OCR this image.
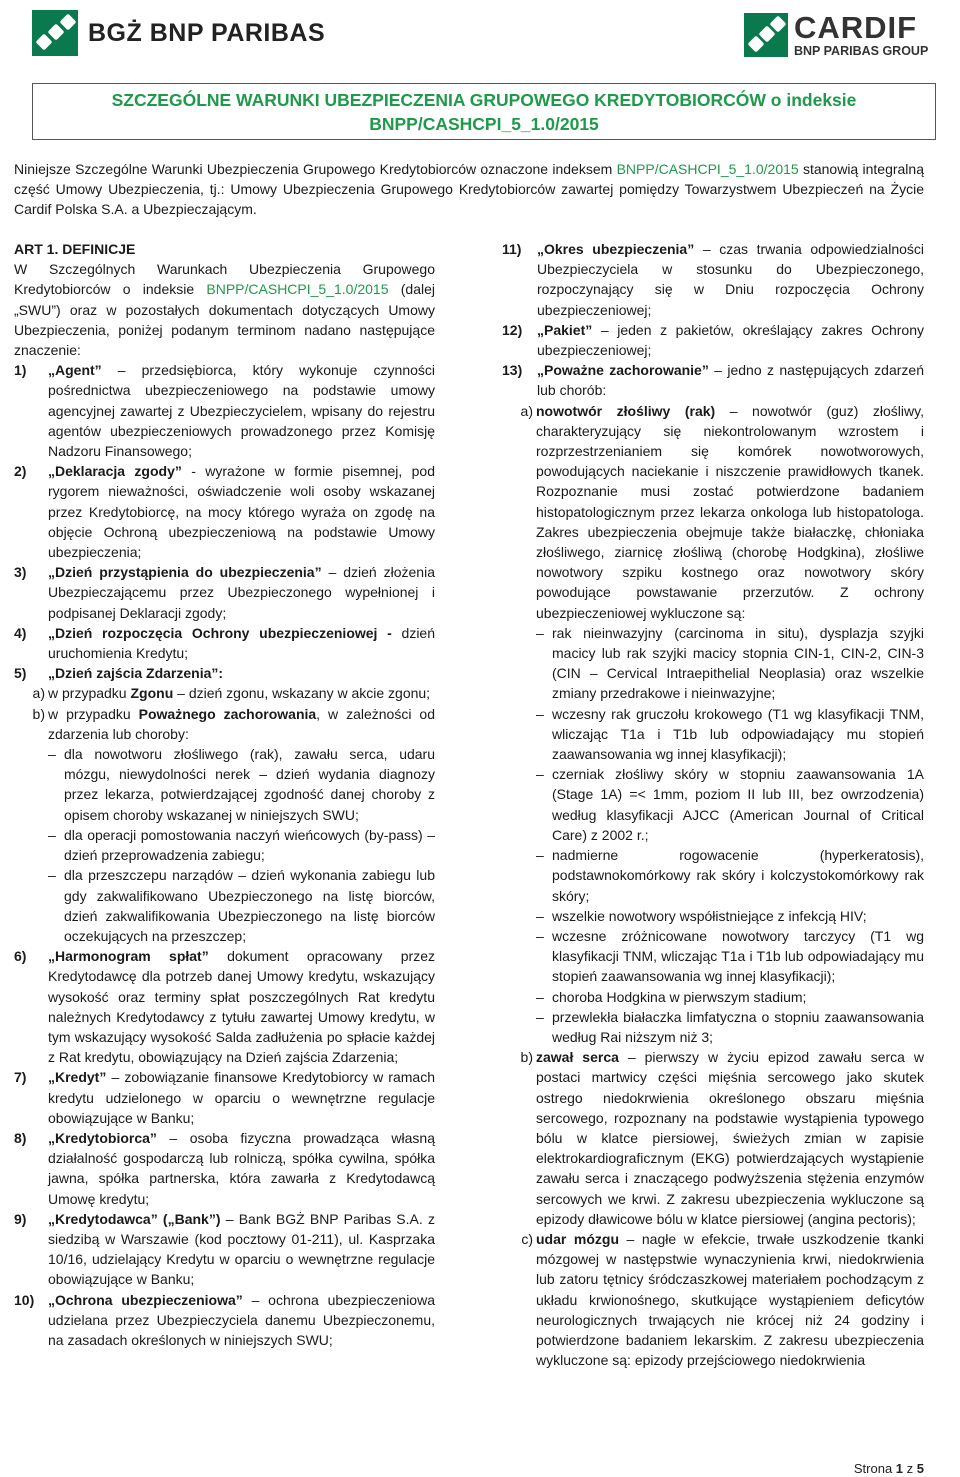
BGŻ BNP PARIBAS	CARDIF
BNP PARIBAS GROUP
SZCZEGÓLNE WARUNKI UBEZPIECZENIA GRUPOWEGO KREDYTOBIORCÓW o indeksie
BNPP/CASHCPI_5_1.0/2015
Niniejsze Szczególne Warunki Ubezpieczenia Grupowego Kredytobiorców oznaczone indeksem BNPP/CASHCPI_5_1.0/2015 stanowią integralną część Umowy Ubezpieczenia, tj.: Umowy Ubezpieczenia Grupowego Kredytobiorców zawartej pomiędzy Towarzystwem Ubezpieczeń na Życie Cardif Polska S.A. a Ubezpieczającym.
ART 1. DEFINICJE
W Szczególnych Warunkach Ubezpieczenia Grupowego Kredytobiorców o indeksie BNPP/CASHCPI_5_1.0/2015 (dalej „SWU”) oraz w pozostałych dokumentach dotyczących Umowy Ubezpieczenia, poniżej podanym terminom nadano następujące znaczenie:
1)	„Agent” – przedsiębiorca, który wykonuje czynności pośrednictwa ubezpieczeniowego na podstawie umowy agencyjnej zawartej z Ubezpieczycielem, wpisany do rejestru agentów ubezpieczeniowych prowadzonego przez Komisję Nadzoru Finansowego;
2)	„Deklaracja zgody” - wyrażone w formie pisemnej, pod rygorem nieważności, oświadczenie woli osoby wskazanej przez Kredytobiorcę, na mocy którego wyraża on zgodę na objęcie Ochroną ubezpieczeniową na podstawie Umowy ubezpieczenia;
3)	„Dzień przystąpienia do ubezpieczenia” – dzień złożenia Ubezpieczającemu przez Ubezpieczonego wypełnionej i podpisanej Deklaracji zgody;
4)	„Dzień rozpoczęcia Ochrony ubezpieczeniowej - dzień uruchomienia Kredytu;
5)	„Dzień zajścia Zdarzenia”:
a) w przypadku Zgonu – dzień zgonu, wskazany w akcie zgonu;
b) w przypadku Poważnego zachorowania, w zależności od zdarzenia lub choroby:
– dla nowotworu złośliwego (rak), zawału serca, udaru mózgu, niewydolności nerek – dzień wydania diagnozy przez lekarza, potwierdzającej zgodność danej choroby z opisem choroby wskazanej w niniejszych SWU;
– dla operacji pomostowania naczyń wieńcowych (by-pass) – dzień przeprowadzenia zabiegu;
– dla przeszczepu narządów – dzień wykonania zabiegu lub gdy zakwalifikowano Ubezpieczonego na listę biorców, dzień zakwalifikowania Ubezpieczonego na listę biorców oczekujących na przeszczep;
6)	„Harmonogram spłat” dokument opracowany przez Kredytodawcę dla potrzeb danej Umowy kredytu, wskazujący wysokość oraz terminy spłat poszczególnych Rat kredytu należnych Kredytodawcy z tytułu zawartej Umowy kredytu, w tym wskazujący wysokość Salda zadłużenia po spłacie każdej z Rat kredytu, obowiązujący na Dzień zajścia Zdarzenia;
7)	„Kredyt” – zobowiązanie finansowe Kredytobiorcy w ramach kredytu udzielonego w oparciu o wewnętrzne regulacje obowiązujące w Banku;
8)	„Kredytobiorca” – osoba fizyczna prowadząca własną działalność gospodarczą lub rolniczą, spółka cywilna, spółka jawna, spółka partnerska, która zawarła z Kredytodawcą Umowę kredytu;
9)	„Kredytodawca” („Bank”) – Bank BGŻ BNP Paribas S.A. z siedzibą w Warszawie (kod pocztowy 01-211), ul. Kasprzaka 10/16, udzielający Kredytu w oparciu o wewnętrzne regulacje obowiązujące w Banku;
10) „Ochrona ubezpieczeniowa” – ochrona ubezpieczeniowa udzielana przez Ubezpieczyciela danemu Ubezpieczonemu, na zasadach określonych w niniejszych SWU;
11)	„Okres ubezpieczenia” – czas trwania odpowiedzialności Ubezpieczyciela w stosunku do Ubezpieczonego, rozpoczynający się w Dniu rozpoczęcia Ochrony ubezpieczeniowej;
12)	„Pakiet” – jeden z pakietów, określający zakres Ochrony ubezpieczeniowej;
13)	„Poważne zachorowanie” – jedno z następujących zdarzeń lub chorób:
a) nowotwór złośliwy (rak) – nowotwór (guz) złośliwy, charakteryzujący się niekontrolowanym wzrostem i rozprzestrzenianiem się komórek nowotworowych, powodujących naciekanie i niszczenie prawidłowych tkanek. Rozpoznanie musi zostać potwierdzone badaniem histopatologicznym przez lekarza onkologa lub histopatologa. Zakres ubezpieczenia obejmuje także białaczkę, chłoniaka złośliwego, ziarnicę złośliwą (chorobę Hodgkina), złośliwe nowotwory szpiku kostnego oraz nowotwory skóry powodujące powstawanie przerzutów. Z ochrony ubezpieczeniowej wykluczone są:
– rak nieinwazyjny (carcinoma in situ), dysplazja szyjki macicy lub rak szyjki macicy stopnia CIN-1, CIN-2, CIN-3 (CIN – Cervical Intraepithelial Neoplasia) oraz wszelkie zmiany przedrakowe i nieinwazyjne;
– wczesny rak gruczołu krokowego (T1 wg klasyfikacji TNM, wliczając T1a i T1b lub odpowiadający mu stopień zaawansowania wg innej klasyfikacji);
– czerniak złośliwy skóry w stopniu zaawansowania 1A (Stage 1A) =< 1mm, poziom II lub III, bez owrzodzenia) według klasyfikacji AJCC (American Journal of Critical Care) z 2002 r.;
– nadmierne rogowacenie (hyperkeratosis), podstawnokomórkowy rak skóry i kolczystokomórkowy rak skóry;
– wszelkie nowotwory współistniejące z infekcją HIV;
– wczesne zróżnicowane nowotwory tarczycy (T1 wg klasyfikacji TNM, wliczając T1a i T1b lub odpowiadający mu stopień zaawansowania wg innej klasyfikacji);
– choroba Hodgkina w pierwszym stadium;
– przewlekła białaczka limfatyczna o stopniu zaawansowania według Rai niższym niż 3;
b) zawał serca – pierwszy w życiu epizod zawału serca w postaci martwicy części mięśnia sercowego jako skutek ostrego niedokrwienia określonego obszaru mięśnia sercowego, rozpoznany na podstawie wystąpienia typowego bólu w klatce piersiowej, świeżych zmian w zapisie elektrokardiograficznym (EKG) potwierdzających wystąpienie zawału serca i znaczącego podwyższenia stężenia enzymów sercowych we krwi. Z zakresu ubezpieczenia wykluczone są epizody dławicowe bólu w klatce piersiowej (angina pectoris);
c) udar mózgu – nagłe w efekcie, trwałe uszkodzenie tkanki mózgowej w następstwie wynaczynienia krwi, niedokrwienia lub zatoru tętnicy śródczaszkowej materiałem pochodzącym z układu krwionośnego, skutkujące wystąpieniem deficytów neurologicznych trwających nie krócej niż 24 godziny i potwierdzone badaniem lekarskim. Z zakresu ubezpieczenia wykluczone są: epizody przejściowego niedokrwienia
Strona 1 z 5
